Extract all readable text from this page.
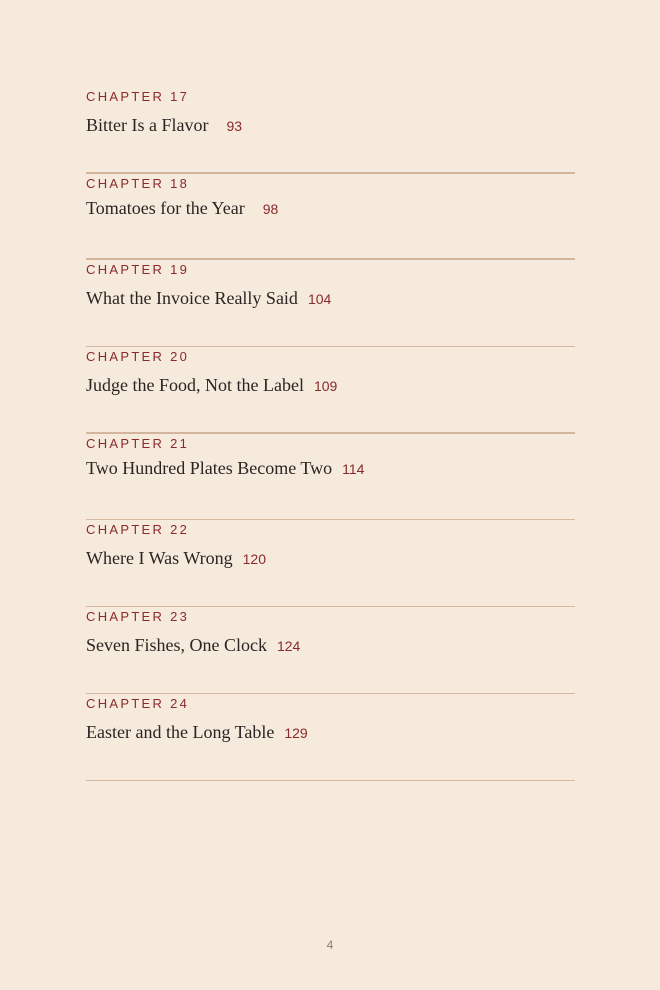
CHAPTER 17
Bitter Is a Flavor 93
CHAPTER 18
Tomatoes for the Year 98
CHAPTER 19
What the Invoice Really Said 104
CHAPTER 20
Judge the Food, Not the Label 109
CHAPTER 21
Two Hundred Plates Become Two 114
CHAPTER 22
Where I Was Wrong 120
CHAPTER 23
Seven Fishes, One Clock 124
CHAPTER 24
Easter and the Long Table 129
4
